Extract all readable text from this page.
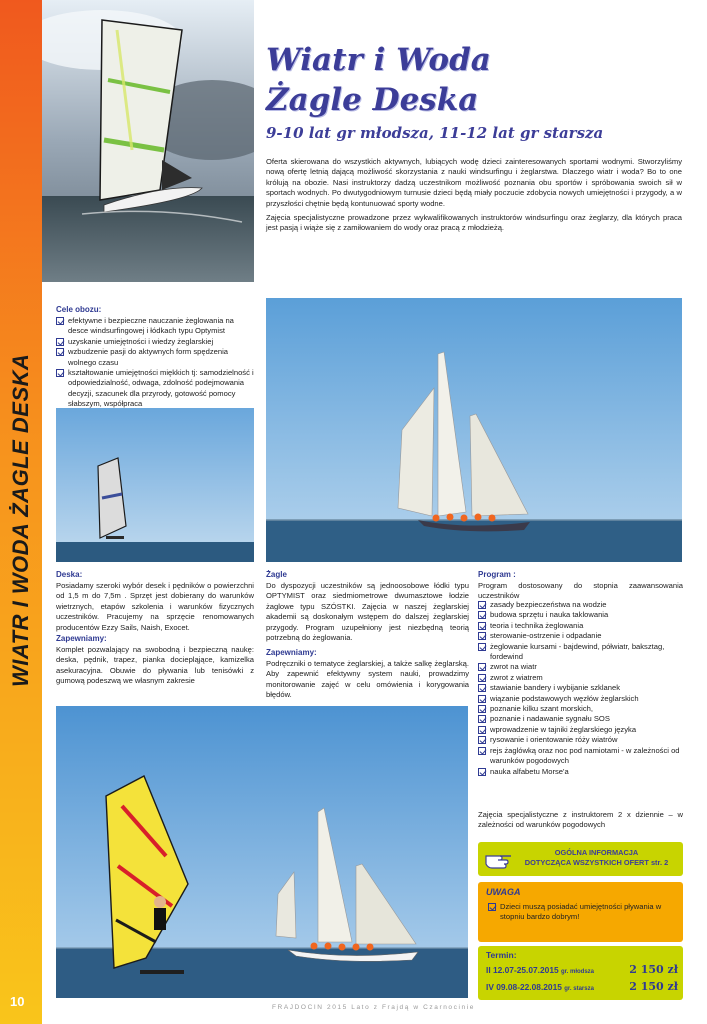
WIATR I WODA ŻAGLE DESKA
10
Wiatr i Woda
Żagle Deska
9-10 lat gr młodsza, 11-12 lat gr starsza
Oferta skierowana do wszystkich aktywnych, lubiących wodę dzieci zainteresowanych sportami wodnymi. Stworzyliśmy nową ofertę letnią dającą możliwość skorzystania z nauki windsurfingu i żeglarstwa. Dlaczego wiatr i woda? Bo to one królują na obozie. Nasi instruktorzy dadzą uczestnikom możliwość poznania obu sportów i spróbowania swoich sił w sportach wodnych. Po dwutygodniowym turnusie dzieci będą miały poczucie zdobycia nowych umiejętności i przygody, a w przyszłości chętnie będą kontunuować sporty wodne.
Zajęcia specjalistyczne prowadzone przez wykwalifikowanych instruktorów windsurfingu oraz żeglarzy, dla których praca jest pasją i wiąże się z zamiłowaniem do wody oraz pracą z młodzieżą.
Cele obozu:
efektywne i bezpieczne nauczanie żeglowania na desce windsurfingowej i łódkach typu Optymist
uzyskanie umiejętności i wiedzy żeglarskiej
wzbudzenie pasji do aktywnych form spędzenia wolnego czasu
kształtowanie umiejętności miękkich tj: samodzielność i odpowiedzialność, odwaga, zdolność podejmowania decyzji, szacunek dla przyrody, gotowość pomocy słabszym, współpraca
Deska:
Posiadamy szeroki wybór desek i pędników o powierzchni od 1,5 m do 7,5m . Sprzęt jest dobierany do warunków wietrznych, etapów szkolenia i warunków fizycznych uczestników. Pracujemy na sprzęcie renomowanych producentów Ezzy Sails, Naish, Exocet.
Zapewniamy:
Komplet pozwalający na swobodną i bezpieczną naukę: deska, pędnik, trapez, pianka dociepląjące, kamizelka asekuracyjna. Obuwie do pływania lub tenisówki z gumową podeszwą we własnym zakresie
Żagle
Do dyspozycji uczestników są jednoosobowe łódki typu OPTYMIST oraz siedmiometrowe dwumasztowe łodzie żaglowe typu SZÓSTKI. Zajęcia w naszej żeglarskiej akademii są doskonałym wstępem do dalszej żeglarskiej przygody. Program uzupełniony jest niezbędną teorią potrzebną do żeglowania.
Zapewniamy:
Podręczniki o tematyce żeglarskiej, a także salkę żeglarską. Aby zapewnić efektywny system nauki, prowadzimy monitorowanie zajęć w celu omówienia i korygowania błędów.
Program :
Program dostosowany do stopnia zaawansowania uczestników
zasady bezpieczeństwa na wodzie
budowa sprzętu i nauka taklowania
teoria i technika żeglowania
sterowanie-ostrzenie i odpadanie
żeglowanie kursami - bajdewind, półwiatr, baksztag, fordewind
zwrot na wiatr
zwrot z wiatrem
stawianie bandery i wybijanie szklanek
wiązanie podstawowych węzłów żeglarskich
poznanie kilku szant morskich,
poznanie i nadawanie sygnału SOS
wprowadzenie w tajniki żeglarskiego języka
rysowanie i orientowanie róży wiatrów
rejs żaglówką oraz noc pod namiotami - w zależności od warunków pogodowych
nauka alfabetu Morse'a
Zajęcia specjalistyczne z instruktorem 2 x dziennie – w zależności od warunków pogodowych
OGÓLNA INFORMACJA
DOTYCZĄCA WSZYSTKICH OFERT str. 2
UWAGA
Dzieci muszą posiadać umiejętności pływania w stopniu bardzo dobrym!
Termin:
II 12.07-25.07.2015 gr. młodsza	2 150 zł
IV 09.08-22.08.2015 gr. starsza	2 150 zł
FRAJDOCIN 2015 Lato z Frajdą w Czarnocinie
